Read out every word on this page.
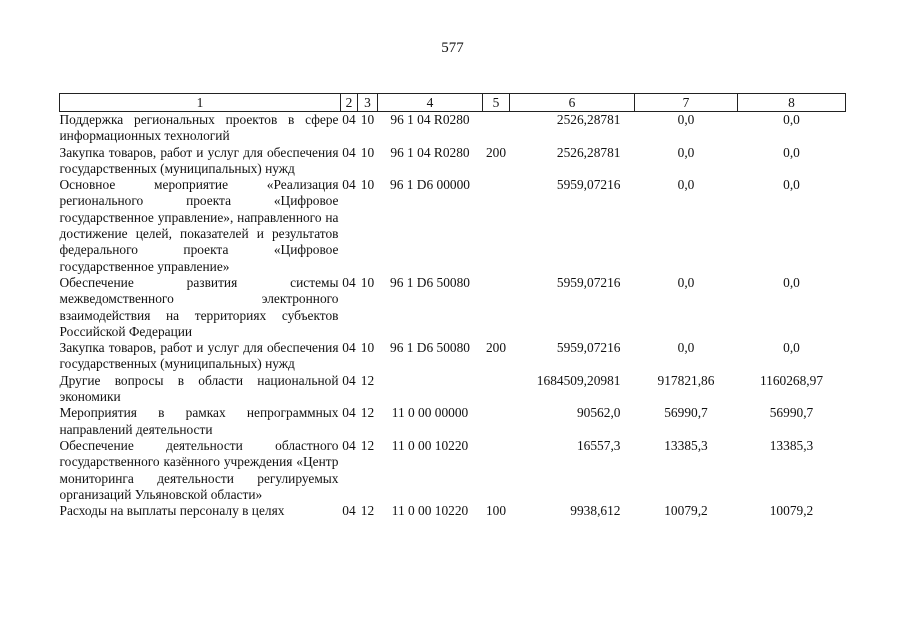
577
1	2	3	4	5	6	7	8
Поддержка региональных проектов в сфере информационных технологий	04	10	96 1 04 R0280		2526,28781	0,0	0,0
Закупка товаров, работ и услуг для обеспечения государственных (муниципальных) нужд	04	10	96 1 04 R0280	200	2526,28781	0,0	0,0
Основное мероприятие «Реализация регионального проекта «Цифровое государственное управление», направленного на достижение целей, показателей и результатов федерального проекта «Цифровое государственное управление»	04	10	96 1 D6 00000		5959,07216	0,0	0,0
Обеспечение развития системы межведомственного электронного взаимодействия на территориях субъектов Российской Федерации	04	10	96 1 D6 50080		5959,07216	0,0	0,0
Закупка товаров, работ и услуг для обеспечения государственных (муниципальных) нужд	04	10	96 1 D6 50080	200	5959,07216	0,0	0,0
Другие вопросы в области национальной экономики	04	12			1684509,20981	917821,86	1160268,97
Мероприятия в рамках непрограммных направлений деятельности	04	12	11 0 00 00000		90562,0	56990,7	56990,7
Обеспечение деятельности областного государственного казённого учреждения «Центр мониторинга деятельности регулируемых организаций Ульяновской области»	04	12	11 0 00 10220		16557,3	13385,3	13385,3
Расходы на выплаты персоналу в целях	04	12	11 0 00 10220	100	9938,612	10079,2	10079,2
